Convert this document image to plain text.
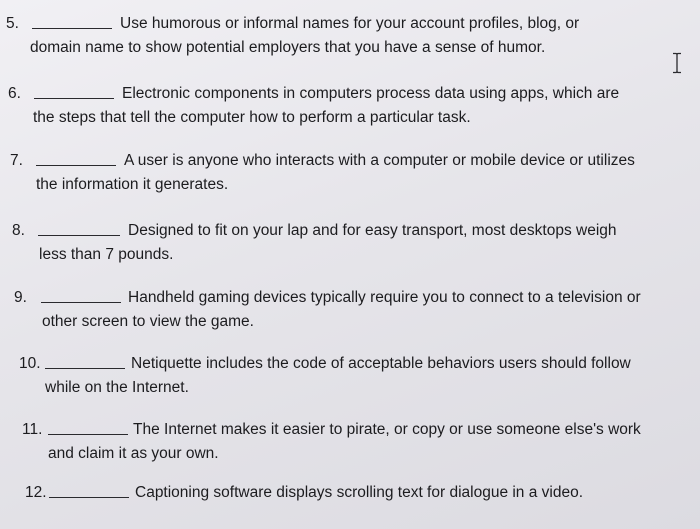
5.	Use humorous or informal names for your account profiles, blog, or
domain name to show potential employers that you have a sense of humor.
6.	Electronic components in computers process data using apps, which are
the steps that tell the computer how to perform a particular task.
7.	A user is anyone who interacts with a computer or mobile device or utilizes
the information it generates.
8.	Designed to fit on your lap and for easy transport, most desktops weigh
less than 7 pounds.
9.	Handheld gaming devices typically require you to connect to a television or
other screen to view the game.
10.	Netiquette includes the code of acceptable behaviors users should follow
while on the Internet.
11.	The Internet makes it easier to pirate, or copy or use someone else's work
and claim it as your own.
12.	Captioning software displays scrolling text for dialogue in a video.
